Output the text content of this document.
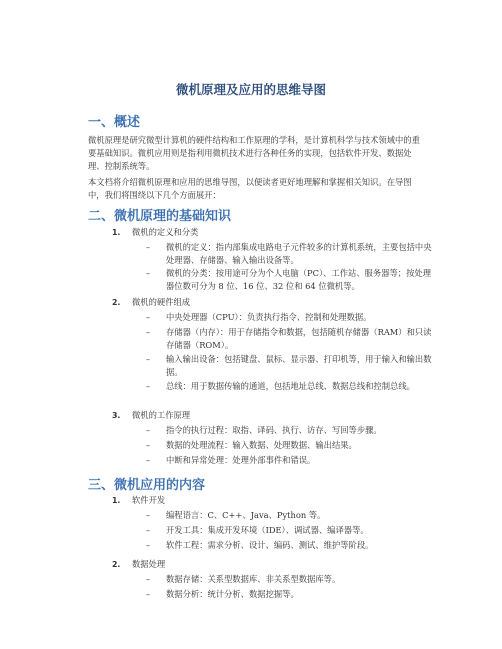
微机原理及应用的思维导图
一、概述
微机原理是研究微型计算机的硬件结构和工作原理的学科，是计算机科学与技术领域中的重要基础知识。微机应用则是指利用微机技术进行各种任务的实现，包括软件开发、数据处理、控制系统等。
本文档将介绍微机原理和应用的思维导图，以便读者更好地理解和掌握相关知识。在导图中，我们将围绕以下几个方面展开：
二、微机原理的基础知识
1. 微机的定义和分类
–	微机的定义：指内部集成电路电子元件较多的计算机系统，主要包括中央处理器、存储器、输入输出设备等。
–	微机的分类：按用途可分为个人电脑（PC）、工作站、服务器等；按处理器位数可分为 8 位、16 位、32 位和 64 位微机等。
2. 微机的硬件组成
–	中央处理器（CPU）：负责执行指令、控制和处理数据。
–	存储器（内存）：用于存储指令和数据，包括随机存储器（RAM）和只读存储器（ROM）。
–	输入输出设备：包括键盘、鼠标、显示器、打印机等，用于输入和输出数据。
–	总线：用于数据传输的通道，包括地址总线、数据总线和控制总线。
3. 微机的工作原理
–	指令的执行过程：取指、译码、执行、访存、写回等步骤。
–	数据的处理流程：输入数据、处理数据、输出结果。
–	中断和异常处理：处理外部事件和错误。
三、微机应用的内容
1. 软件开发
–	编程语言：C、C++、Java、Python 等。
–	开发工具：集成开发环境（IDE）、调试器、编译器等。
–	软件工程：需求分析、设计、编码、测试、维护等阶段。
2. 数据处理
–	数据存储：关系型数据库、非关系型数据库等。
–	数据分析：统计分析、数据挖掘等。
